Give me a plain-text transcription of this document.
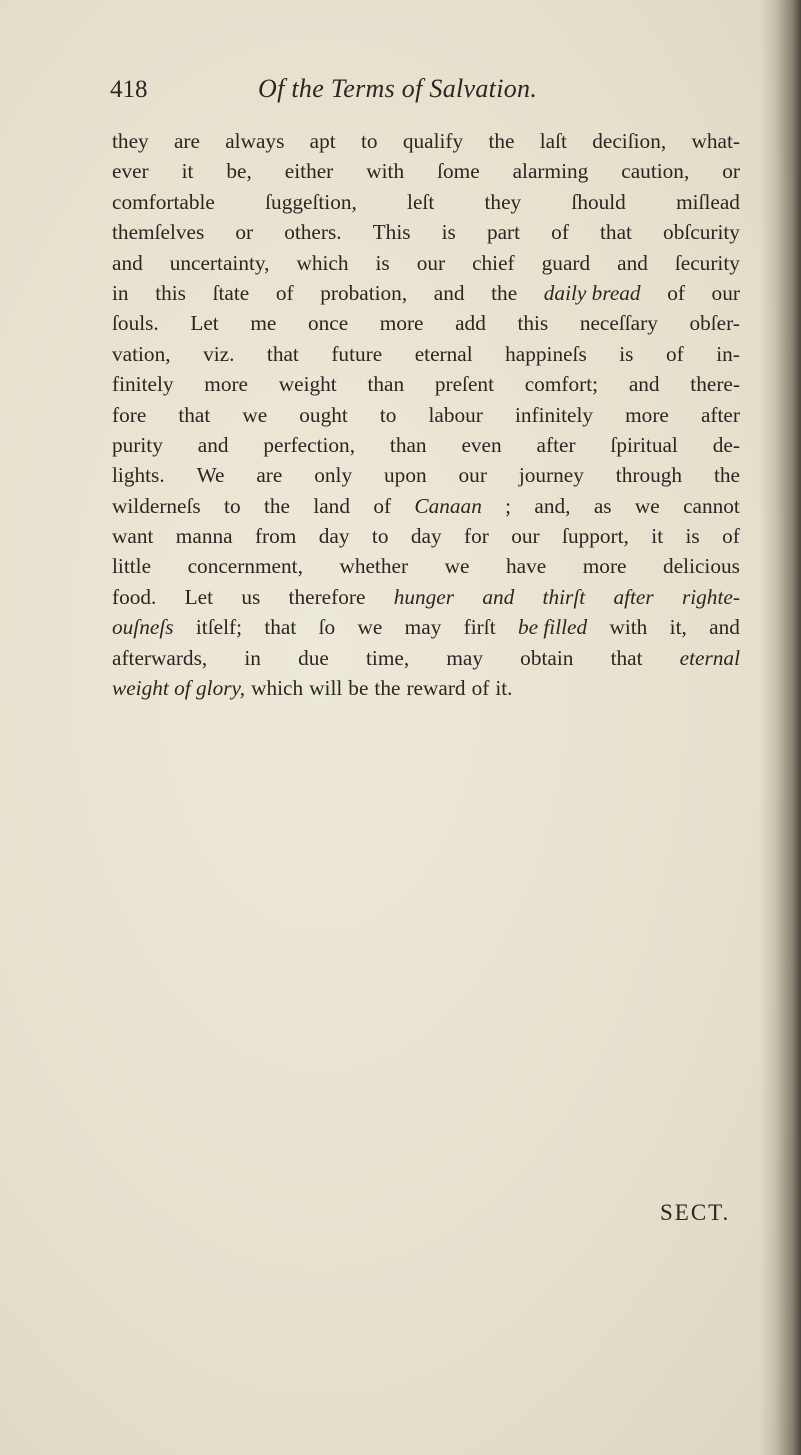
418	Of the Terms of Salvation.
they are always apt to qualify the laſt deciſion, what-
ever it be, either with ſome alarming caution, or
comfortable ſuggeſtion, leſt they ſhould miſlead
themſelves or others. This is part of that obſcurity
and uncertainty, which is our chief guard and ſecurity
in this ſtate of probation, and the daily bread of our
ſouls. Let me once more add this neceſſary obſer-
vation, viz. that future eternal happineſs is of in-
finitely more weight than preſent comfort; and there-
fore that we ought to labour infinitely more after
purity and perfection, than even after ſpiritual de-
lights. We are only upon our journey through the
wilderneſs to the land of Canaan ; and, as we cannot
want manna from day to day for our ſupport, it is of
little concernment, whether we have more delicious
food. Let us therefore hunger and thirſt after righte-
ouſneſs itſelf; that ſo we may firſt be filled with it, and
afterwards, in due time, may obtain that eternal
weight of glory, which will be the reward of it.
SECT.
